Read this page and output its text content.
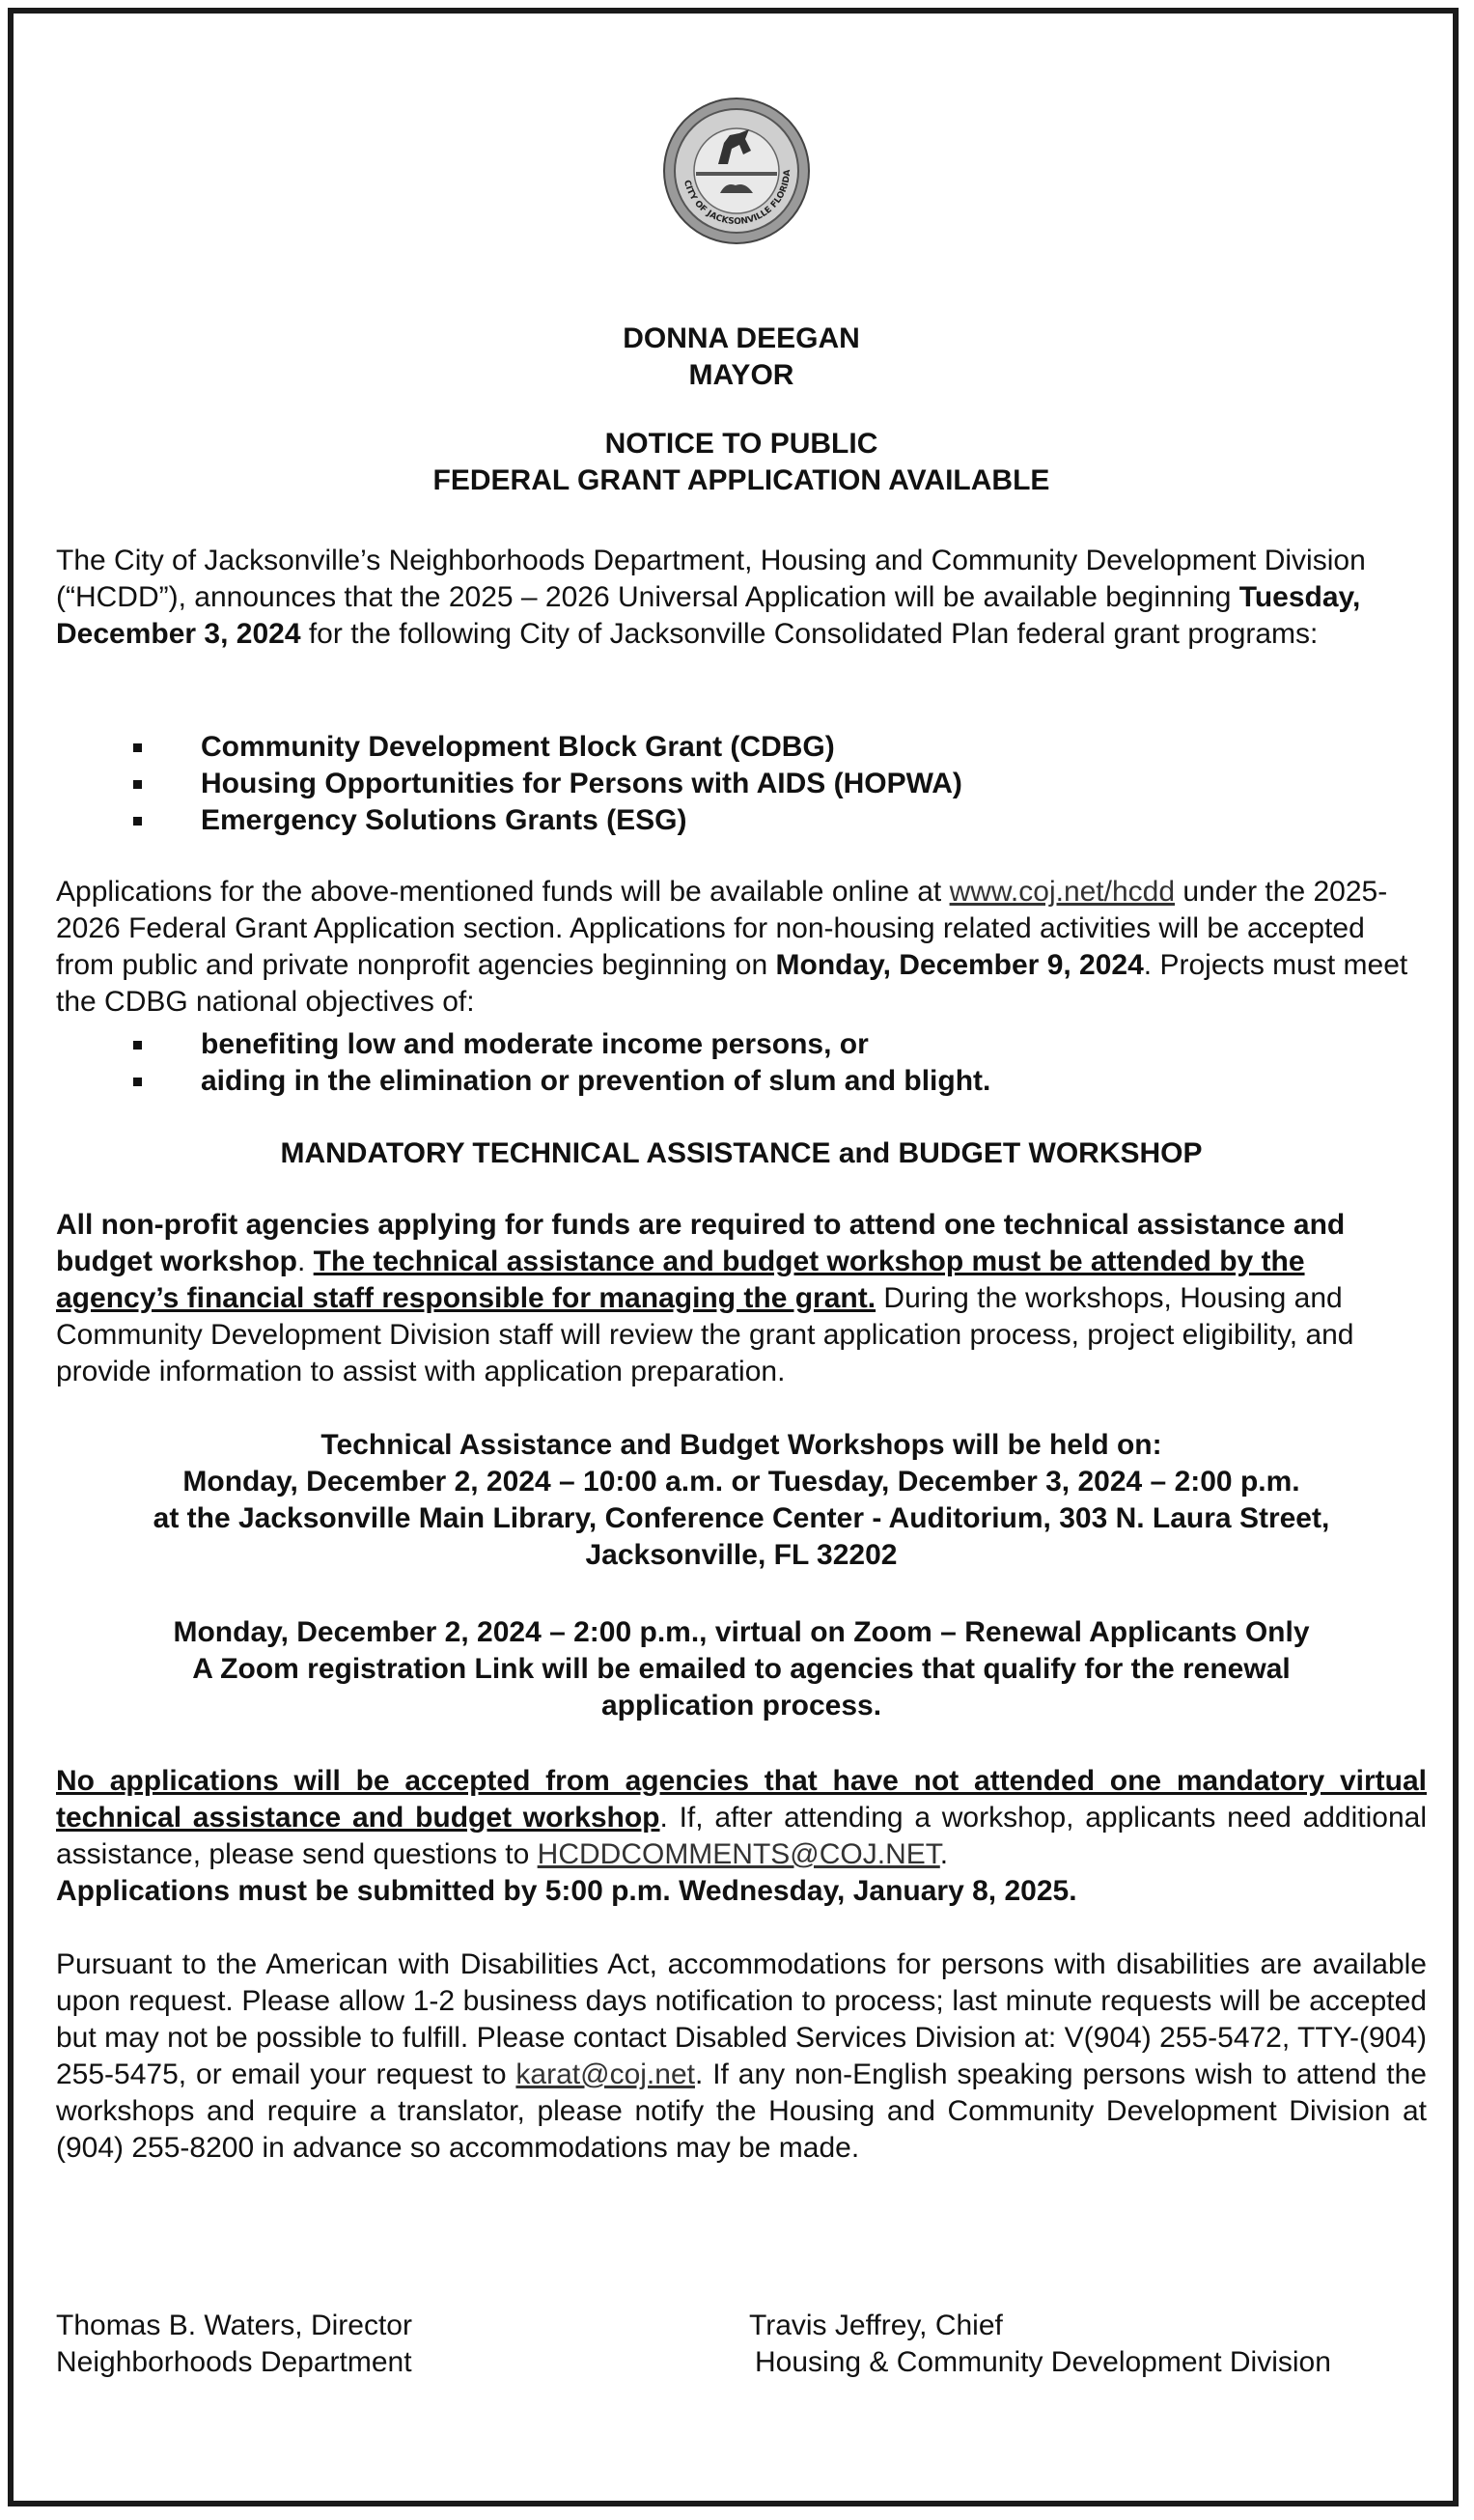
CITY OF JACKSONVILLE FLORIDA
DONNA DEEGAN
MAYOR
NOTICE TO PUBLIC
FEDERAL GRANT APPLICATION AVAILABLE

The City of Jacksonville’s Neighborhoods Department, Housing and Community Development Division (“HCDD”), announces that the 2025 – 2026 Universal Application will be available beginning Tuesday, December 3, 2024 for the following City of Jacksonville Consolidated Plan federal grant programs:

Community Development Block Grant (CDBG)
Housing Opportunities for Persons with AIDS (HOPWA)
Emergency Solutions Grants (ESG)

Applications for the above-mentioned funds will be available online at www.coj.net/hcdd under the 2025-2026 Federal Grant Application section. Applications for non-housing related activities will be accepted from public and private nonprofit agencies beginning on Monday, December 9, 2024. Projects must meet the CDBG national objectives of:

benefiting low and moderate income persons, or
aiding in the elimination or prevention of slum and blight.
MANDATORY TECHNICAL ASSISTANCE and BUDGET WORKSHOP

All non-profit agencies applying for funds are required to attend one technical assistance and budget workshop. The technical assistance and budget workshop must be attended by the agency’s financial staff responsible for managing the grant. During the workshops, Housing and Community Development Division staff will review the grant application process, project eligibility, and provide information to assist with application preparation.

Technical Assistance and Budget Workshops will be held on:
Monday, December 2, 2024 – 10:00 a.m. or Tuesday, December 3, 2024 – 2:00 p.m.
at the Jacksonville Main Library, Conference Center - Auditorium, 303 N. Laura Street,
Jacksonville, FL 32202
Monday, December 2, 2024 – 2:00 p.m., virtual on Zoom – Renewal Applicants Only
A Zoom registration Link will be emailed to agencies that qualify for the renewal
application process.

No applications will be accepted from agencies that have not attended one mandatory virtual technical assistance and budget workshop. If, after attending a workshop, applicants need additional assistance, please send questions to HCDDCOMMENTS@COJ.NET.
Applications must be submitted by 5:00 p.m. Wednesday, January 8, 2025.

Pursuant to the American with Disabilities Act, accommodations for persons with disabilities are available upon request. Please allow 1-2 business days notification to process; last minute requests will be accepted but may not be possible to fulfill. Please contact Disabled Services Division at: V(904) 255-5472, TTY-(904) 255-5475, or email your request to karat@coj.net. If any non-English speaking persons wish to attend the workshops and require a translator, please notify the Housing and Community Development Division at (904) 255-8200 in advance so accommodations may be made.

Thomas B. Waters, Director
Neighborhoods Department
Travis Jeffrey, Chief
Housing & Community Development Division
